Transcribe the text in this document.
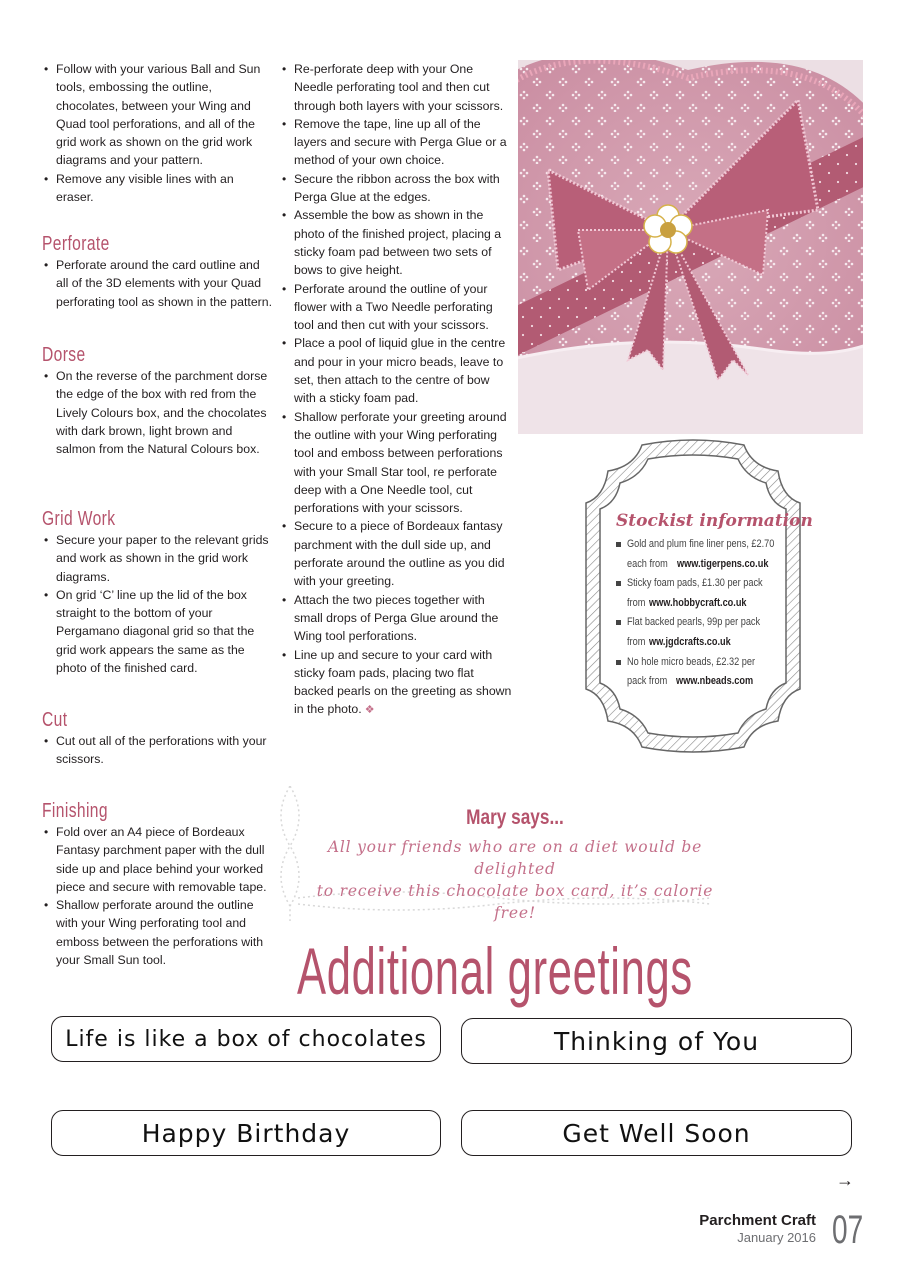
• Follow with your various Ball and Sun tools, embossing the outline, chocolates, between your Wing and Quad tool perforations, and all of the grid work as shown on the grid work diagrams and your pattern.
• Remove any visible lines with an eraser.
Perforate
• Perforate around the card outline and all of the 3D elements with your Quad perforating tool as shown in the pattern.
Dorse
• On the reverse of the parchment dorse the edge of the box with red from the Lively Colours box, and the chocolates with dark brown, light brown and salmon from the Natural Colours box.
Grid Work
• Secure your paper to the relevant grids and work as shown in the grid work diagrams.
• On grid ‘C’ line up the lid of the box straight to the bottom of your Pergamano diagonal grid so that the grid work appears the same as the photo of the finished card.
Cut
• Cut out all of the perforations with your scissors.
Finishing
• Fold over an A4 piece of Bordeaux Fantasy parchment paper with the dull side up and place behind your worked piece and secure with removable tape.
• Shallow perforate around the outline with your Wing perforating tool and emboss between the perforations with your Small Sun tool.
• Re-perforate deep with your One Needle perforating tool and then cut through both layers with your scissors.
• Remove the tape, line up all of the layers and secure with Perga Glue or a method of your own choice.
• Secure the ribbon across the box with Perga Glue at the edges.
• Assemble the bow as shown in the photo of the finished project, placing a sticky foam pad between two sets of bows to give height.
• Perforate around the outline of your flower with a Two Needle perforating tool and then cut with your scissors.
• Place a pool of liquid glue in the centre and pour in your micro beads, leave to set, then attach to the centre of bow with a sticky foam pad.
• Shallow perforate your greeting around the outline with your Wing perforating tool and emboss between perforations with your Small Star tool, re perforate deep with a One Needle tool, cut perforations with your scissors.
• Secure to a piece of Bordeaux fantasy parchment with the dull side up, and perforate around the outline as you did with your greeting.
• Attach the two pieces together with small drops of Perga Glue around the Wing tool perforations.
• Line up and secure to your card with sticky foam pads, placing two flat backed pearls on the greeting as shown in the photo. ❖
Stockist information
Gold and plum fine liner pens, £2.70
each fromwww.tigerpens.co.uk
Sticky foam pads, £1.30 per pack
fromwww.hobbycraft.co.uk
Flat backed pearls, 99p per pack
fromww.jgdcrafts.co.uk
No hole micro beads, £2.32 per
pack fromwww.nbeads.com
Mary says...
All your friends who are on a diet would be delighted
to receive this chocolate box card, it’s calorie free!
Additional greetings
Life is like a box of chocolates	Thinking of You
Happy Birthday	Get Well Soon
→
Parchment Craft
January 2016 07
